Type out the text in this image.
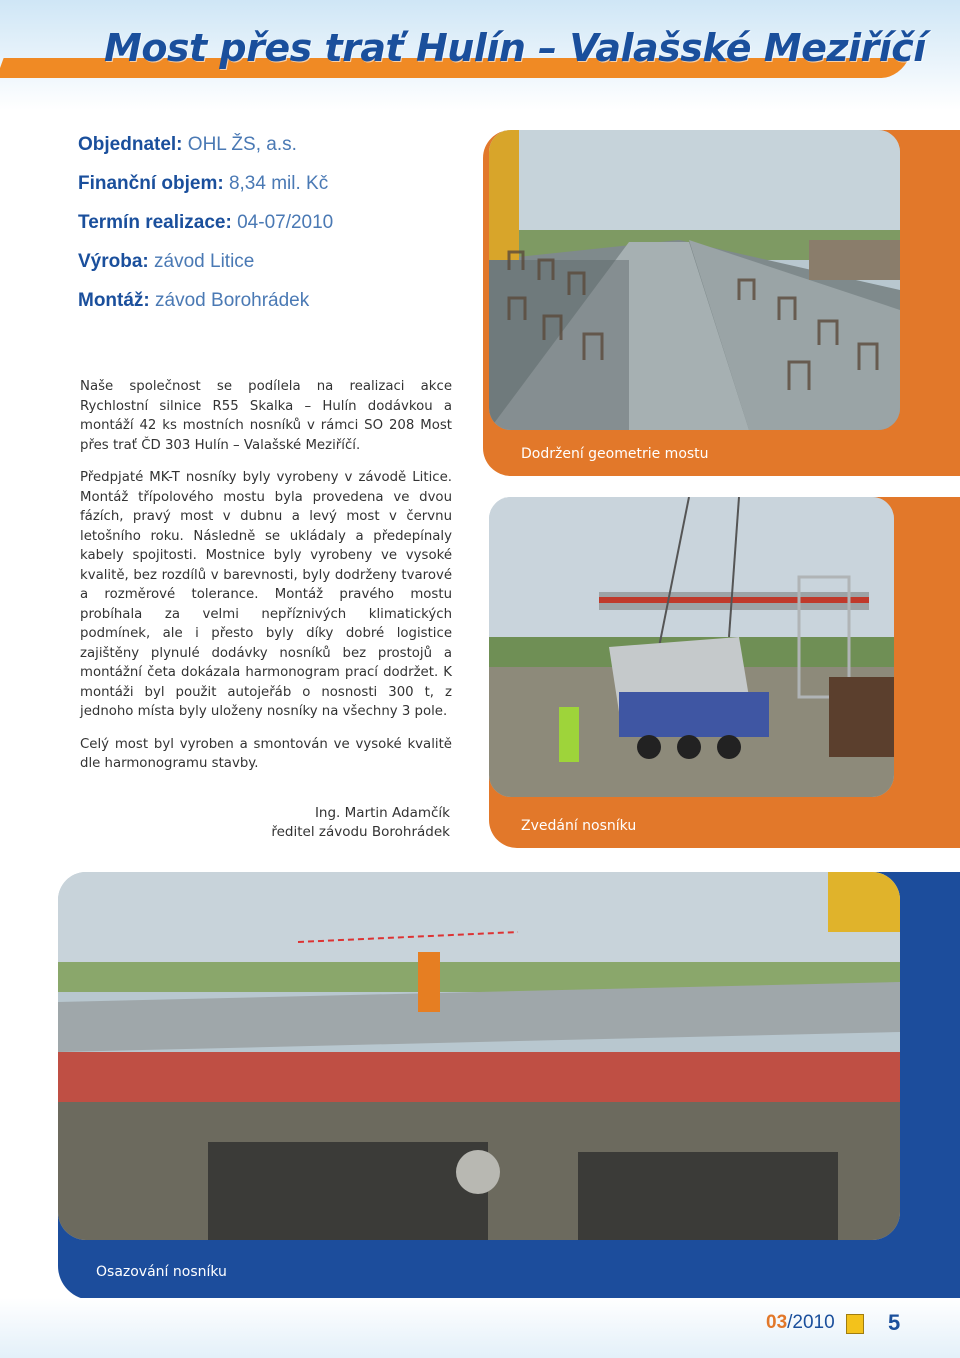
Most přes trať Hulín – Valašské Meziříčí
Objednatel: OHL ŽS, a.s.
Finanční objem: 8,34 mil. Kč
Termín realizace: 04-07/2010
Výroba: závod Litice
Montáž: závod Borohrádek

Naše společnost se podílela na realizaci akce Rychlostní silnice R55 Skalka – Hulín dodávkou a montáží 42 ks mostních nosníků v rámci SO 208 Most přes trať ČD 303 Hulín – Valašské Meziříčí.

Předpjaté MK-T nosníky byly vyrobeny v závodě Litice. Montáž třípolového mostu byla provedena ve dvou fázích, pravý most v dubnu a levý most v červnu letošního roku. Následně se ukládaly a předepínaly kabely spojitosti. Mostnice byly vyrobeny ve vysoké kvalitě, bez rozdílů v barevnosti, byly dodrženy tvarové a rozměrové tolerance. Montáž pravého mostu probíhala za velmi nepříznivých klimatických podmínek, ale i přesto byly díky dobré logistice zajištěny plynulé dodávky nosníků bez prostojů a montážní četa dokázala harmonogram prací dodržet. K montáži byl použit autojeřáb o nosnosti 300 t, z jednoho místa byly uloženy nosníky na všechny 3 pole.

Celý most byl vyroben a smontován ve vysoké kvalitě dle harmonogramu stavby.

Ing. Martin Adamčík
ředitel závodu Borohrádek
Dodržení geometrie mostu
Zvedání nosníku
Osazování nosníku
03/2010 5
